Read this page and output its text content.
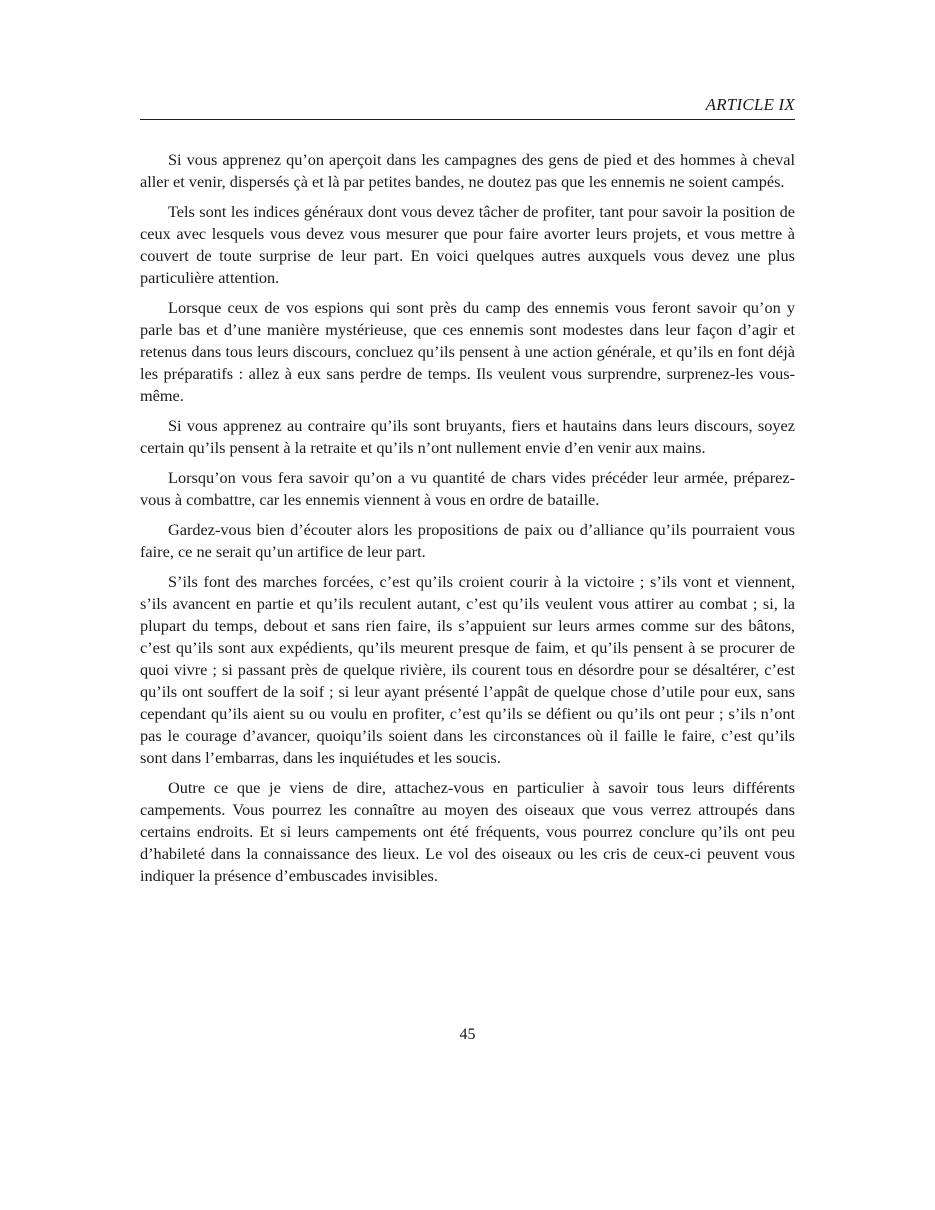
ARTICLE IX

Si vous apprenez qu’on aperçoit dans les campagnes des gens de pied et des hommes à cheval aller et venir, dispersés çà et là par petites bandes, ne doutez pas que les ennemis ne soient campés.

Tels sont les indices généraux dont vous devez tâcher de profiter, tant pour savoir la position de ceux avec lesquels vous devez vous mesurer que pour faire avorter leurs projets, et vous mettre à couvert de toute surprise de leur part. En voici quelques autres auxquels vous devez une plus particulière attention.

Lorsque ceux de vos espions qui sont près du camp des ennemis vous feront savoir qu’on y parle bas et d’une manière mystérieuse, que ces ennemis sont modestes dans leur façon d’agir et retenus dans tous leurs discours, concluez qu’ils pensent à une action générale, et qu’ils en font déjà les préparatifs : allez à eux sans perdre de temps. Ils veulent vous surprendre, surprenez-les vous-même.

Si vous apprenez au contraire qu’ils sont bruyants, fiers et hautains dans leurs discours, soyez certain qu’ils pensent à la retraite et qu’ils n’ont nullement envie d’en venir aux mains.

Lorsqu’on vous fera savoir qu’on a vu quantité de chars vides précéder leur armée, préparez-vous à combattre, car les ennemis viennent à vous en ordre de bataille.

Gardez-vous bien d’écouter alors les propositions de paix ou d’alliance qu’ils pourraient vous faire, ce ne serait qu’un artifice de leur part.

S’ils font des marches forcées, c’est qu’ils croient courir à la victoire ; s’ils vont et viennent, s’ils avancent en partie et qu’ils reculent autant, c’est qu’ils veulent vous attirer au combat ; si, la plupart du temps, debout et sans rien faire, ils s’appuient sur leurs armes comme sur des bâtons, c’est qu’ils sont aux expédients, qu’ils meurent presque de faim, et qu’ils pensent à se procurer de quoi vivre ; si passant près de quelque rivière, ils courent tous en désordre pour se désaltérer, c’est qu’ils ont souffert de la soif ; si leur ayant présenté l’appât de quelque chose d’utile pour eux, sans cependant qu’ils aient su ou voulu en profiter, c’est qu’ils se défient ou qu’ils ont peur ; s’ils n’ont pas le courage d’avancer, quoiqu’ils soient dans les circonstances où il faille le faire, c’est qu’ils sont dans l’embarras, dans les inquiétudes et les soucis.

Outre ce que je viens de dire, attachez-vous en particulier à savoir tous leurs différents campements. Vous pourrez les connaître au moyen des oiseaux que vous verrez attroupés dans certains endroits. Et si leurs campements ont été fréquents, vous pourrez conclure qu’ils ont peu d’habileté dans la connaissance des lieux. Le vol des oiseaux ou les cris de ceux-ci peuvent vous indiquer la présence d’embuscades invisibles.

45
